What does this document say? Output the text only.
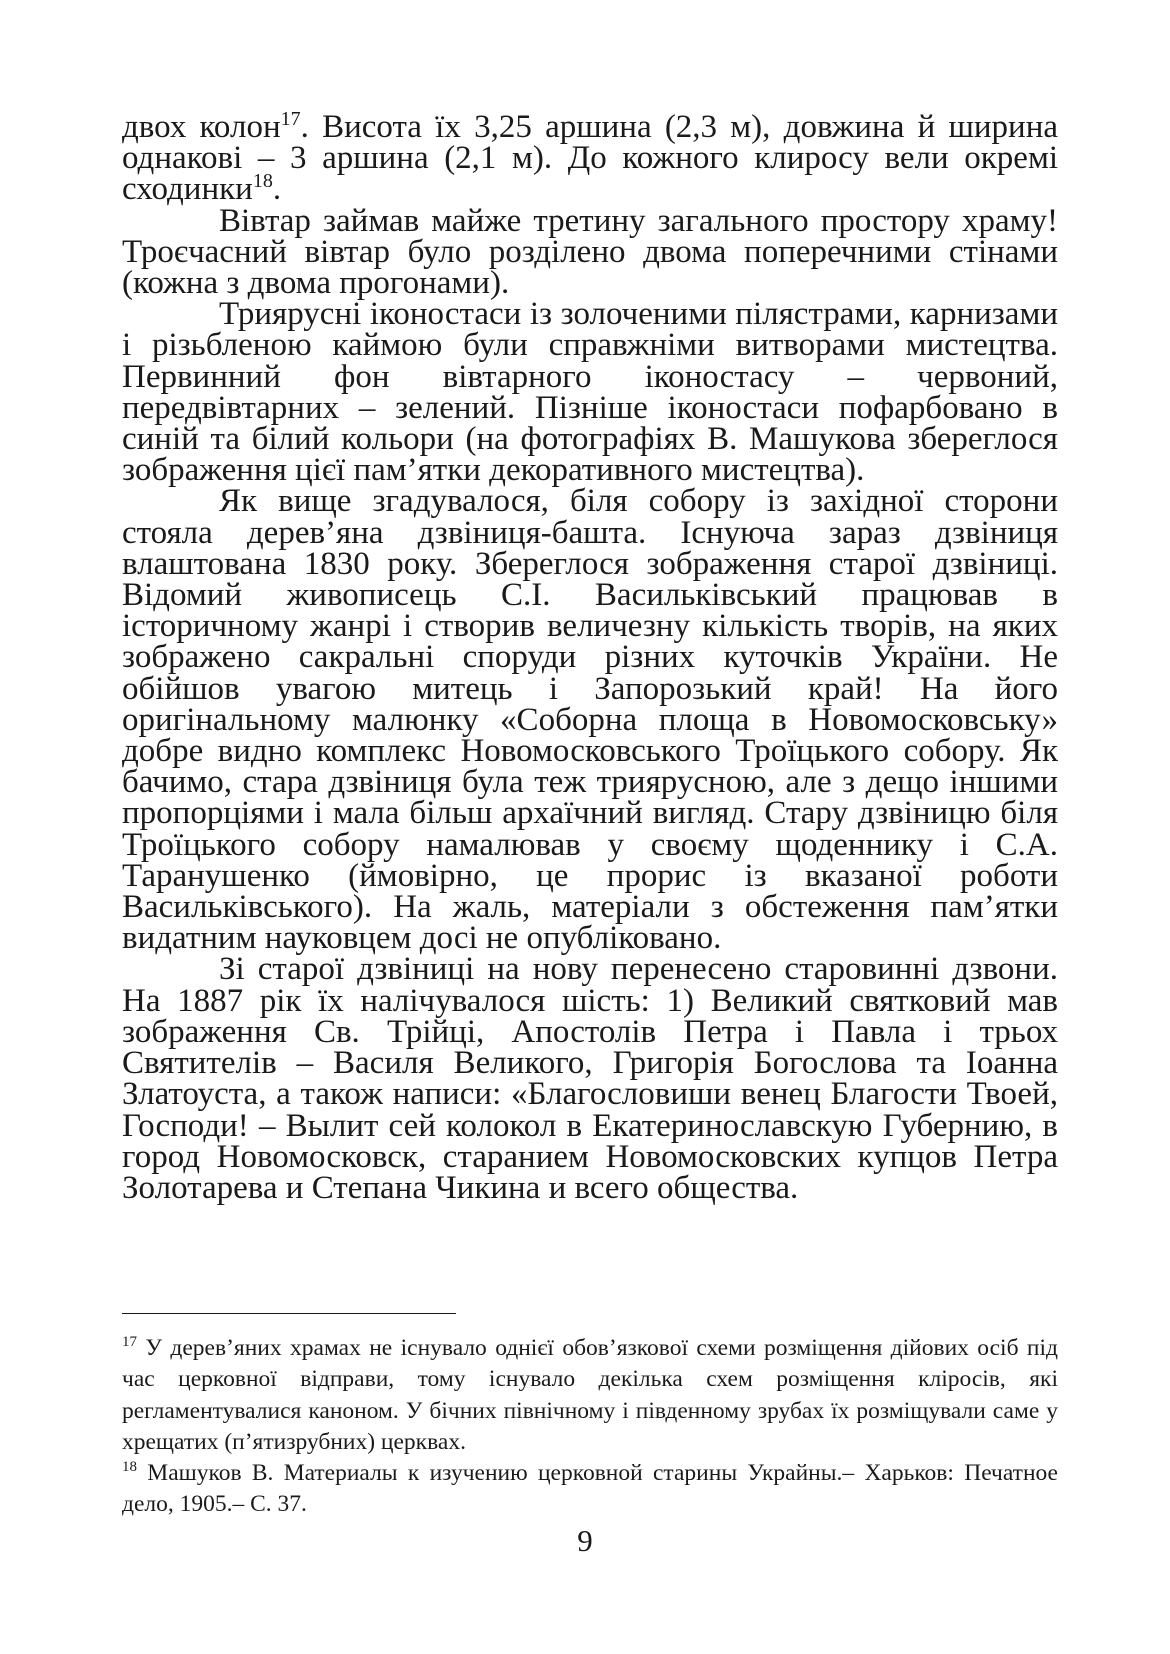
двох колон$^{17}$. Висота їх 3,25 аршина (2,3 м), довжина й ширина однакові – 3 аршина (2,1 м). До кожного клиросу вели окремі сходинки$^{18}$.

Вівтар займав майже третину загального простору храму! Троєчасний вівтар було розділено двома поперечними стінами (кожна з двома прогонами).

Триярусні іконостаси із золоченими пілястрами, карнизами і різьбленою каймою були справжніми витворами мистецтва. Первинний фон вівтарного іконостасу – червоний, передвівтарних – зелений. Пізніше іконостаси пофарбовано в синій та білий кольори (на фотографіях В. Машукова збереглося зображення цієї пам’ятки декоративного мистецтва).

Як вище згадувалося, біля собору із західної сторони стояла дерев’яна дзвіниця-башта. Існуюча зараз дзвіниця влаштована 1830 року. Збереглося зображення старої дзвіниці. Відомий живописець С.І. Васильківський працював в історичному жанрі і створив величезну кількість творів, на яких зображено сакральні споруди різних куточків України. Не обійшов увагою митець і Запорозький край! На його оригінальному малюнку «Соборна площа в Новомосковську» добре видно комплекс Новомосковського Троїцького собору. Як бачимо, стара дзвіниця була теж триярусною, але з дещо іншими пропорціями і мала більш архаїчний вигляд. Стару дзвіницю біля Троїцького собору намалював у своєму щоденнику і С.А. Таранушенко (ймовірно, це прорис із вказаної роботи Васильківського). На жаль, матеріали з обстеження пам’ятки видатним науковцем досі не опубліковано.

Зі старої дзвіниці на нову перенесено старовинні дзвони. На 1887 рік їх налічувалося шість: 1) Великий святковий мав зображення Св. Трійці, Апостолів Петра і Павла і трьох Святителів – Василя Великого, Григорія Богослова та Іоанна Златоуста, а також написи: «Благословиши венец Благости Твоей, Господи! – Вылит сей колокол в Екатеринославскую Губернию, в город Новомосковск, старанием Новомосковских купцов Петра Золотарева и Степана Чикина и всего общества.

$^{17}$ У дерев’яних храмах не існувало однієї обов’язкової схеми розміщення дійових осіб під час церковної відправи, тому існувало декілька схем розміщення кліросів, які регламентувалися каноном. У бічних північному і південному зрубах їх розміщували саме у хрещатих (п’ятизрубних) церквах.

$^{18}$ Машуков В. Материалы к изучению церковной старины Украйны.– Харьков: Печатное дело, 1905.– С. 37.

9
